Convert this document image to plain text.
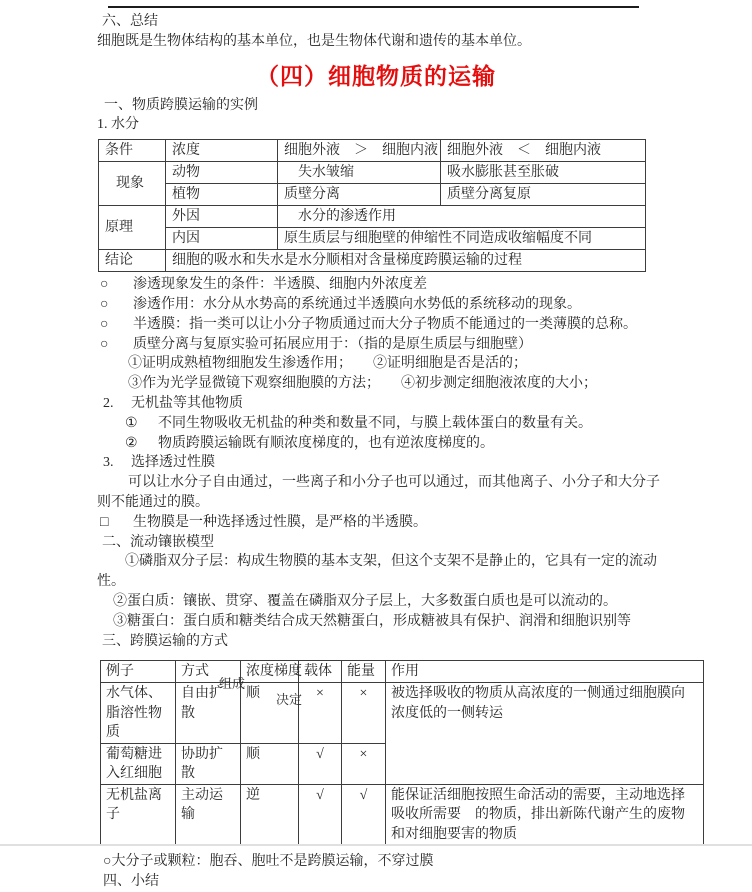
六、总结
细胞既是生物体结构的基本单位，也是生物体代谢和遗传的基本单位。
（四）细胞物质的运输
一、物质跨膜运输的实例
1. 水分
条件	浓度	细胞外液　＞　细胞内液	细胞外液　＜　细胞内液
现象	动物	　失水皱缩	吸水膨胀甚至胀破
	植物	质壁分离	质壁分离复原
原理	外因	　水分的渗透作用	
	内因	原生质层与细胞壁的伸缩性不同造成收缩幅度不同	
结论	细胞的吸水和失水是水分顺相对含量梯度跨膜运输的过程		
○ 渗透现象发生的条件：半透膜、细胞内外浓度差
○ 渗透作用：水分从水势高的系统通过半透膜向水势低的系统移动的现象。
○ 半透膜：指一类可以让小分子物质通过而大分子物质不能通过的一类薄膜的总称。
○ 质壁分离与复原实验可拓展应用于：（指的是原生质层与细胞壁）
①证明成熟植物细胞发生渗透作用；　　②证明细胞是否是活的；
③作为光学显微镜下观察细胞膜的方法；　　④初步测定细胞液浓度的大小；
2. 无机盐等其他物质
① 不同生物吸收无机盐的种类和数量不同，与膜上载体蛋白的数量有关。
② 物质跨膜运输既有顺浓度梯度的，也有逆浓度梯度的。
3. 选择透过性膜
可以让水分子自由通过，一些离子和小分子也可以通过，而其他离子、小分子和大分子
则不能通过的膜。
□ 生物膜是一种选择透过性膜，是严格的半透膜。
二、流动镶嵌模型
①磷脂双分子层：构成生物膜的基本支架，但这个支架不是静止的，它具有一定的流动
性。
②蛋白质：镶嵌、贯穿、覆盖在磷脂双分子层上，大多数蛋白质也是可以流动的。
③糖蛋白：蛋白质和糖类结合成天然糖蛋白，形成糖被具有保护、润滑和细胞识别等
三、跨膜运输的方式
例子	方式	浓度梯度	载体	能量	作用
水气体、脂溶性物质	自由扩散	顺	×	×	被选择吸收的物质从高浓度的一侧通过细胞膜向浓度低的一侧转运
葡萄糖进入红细胞	协助扩散	顺	√	×	
无机盐离子	主动运输	逆	√	√	能保证活细胞按照生命活动的需要，主动地选择吸收所需要　的物质，排出新陈代谢产生的废物和对细胞要害的物质
组成
决定
○大分子或颗粒：胞吞、胞吐不是跨膜运输，不穿过膜
四、小结
